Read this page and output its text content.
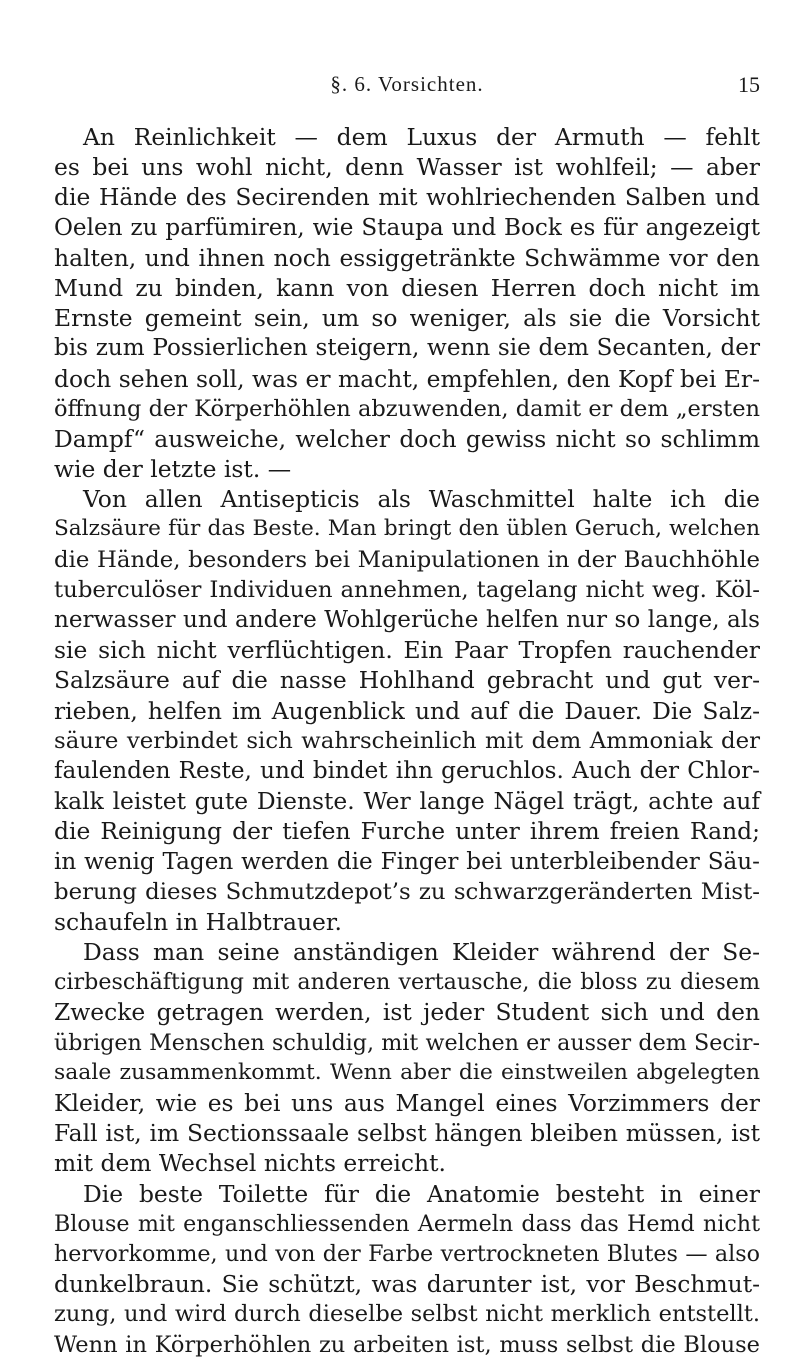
§. 6. Vorsichten.	15
An Reinlichkeit — dem Luxus der Armuth — fehlt
es bei uns wohl nicht, denn Wasser ist wohlfeil; — aber
die Hände des Secirenden mit wohlriechenden Salben und
Oelen zu parfümiren, wie Staupa und Bock es für angezeigt
halten, und ihnen noch essiggetränkte Schwämme vor den
Mund zu binden, kann von diesen Herren doch nicht im
Ernste gemeint sein, um so weniger, als sie die Vorsicht
bis zum Possierlichen steigern, wenn sie dem Secanten, der
doch sehen soll, was er macht, empfehlen, den Kopf bei Er-
öffnung der Körperhöhlen abzuwenden, damit er dem „ersten
Dampf“ ausweiche, welcher doch gewiss nicht so schlimm
wie der letzte ist. —
Von allen Antisepticis als Waschmittel halte ich die
Salzsäure für das Beste. Man bringt den üblen Geruch, welchen
die Hände, besonders bei Manipulationen in der Bauchhöhle
tuberculöser Individuen annehmen, tagelang nicht weg. Köl-
nerwasser und andere Wohlgerüche helfen nur so lange, als
sie sich nicht verflüchtigen. Ein Paar Tropfen rauchender
Salzsäure auf die nasse Hohlhand gebracht und gut ver-
rieben, helfen im Augenblick und auf die Dauer. Die Salz-
säure verbindet sich wahrscheinlich mit dem Ammoniak der
faulenden Reste, und bindet ihn geruchlos. Auch der Chlor-
kalk leistet gute Dienste. Wer lange Nägel trägt, achte auf
die Reinigung der tiefen Furche unter ihrem freien Rand;
in wenig Tagen werden die Finger bei unterbleibender Säu-
berung dieses Schmutzdepot’s zu schwarzgeränderten Mist-
schaufeln in Halbtrauer.
Dass man seine anständigen Kleider während der Se-
cirbeschäftigung mit anderen vertausche, die bloss zu diesem
Zwecke getragen werden, ist jeder Student sich und den
übrigen Menschen schuldig, mit welchen er ausser dem Secir-
saale zusammenkommt. Wenn aber die einstweilen abgelegten
Kleider, wie es bei uns aus Mangel eines Vorzimmers der
Fall ist, im Sectionssaale selbst hängen bleiben müssen, ist
mit dem Wechsel nichts erreicht.
Die beste Toilette für die Anatomie besteht in einer
Blouse mit enganschliessenden Aermeln dass das Hemd nicht
hervorkomme, und von der Farbe vertrockneten Blutes — also
dunkelbraun. Sie schützt, was darunter ist, vor Beschmut-
zung, und wird durch dieselbe selbst nicht merklich entstellt.
Wenn in Körperhöhlen zu arbeiten ist, muss selbst die Blouse
